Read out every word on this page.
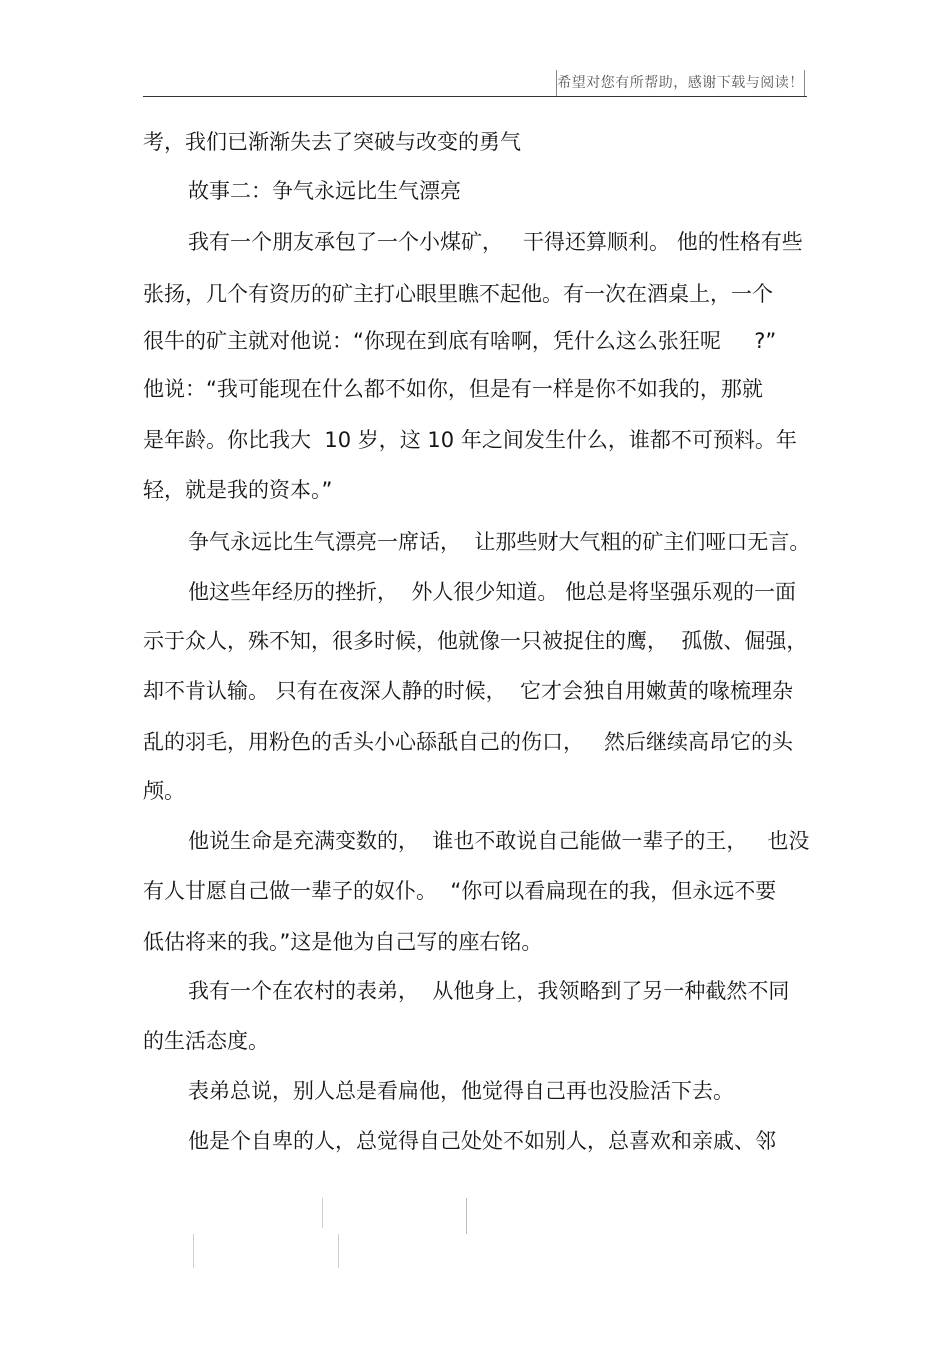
希望对您有所帮助，感谢下载与阅读！

考，我们已渐渐失去了突破与改变的勇气

故事二：争气永远比生气漂亮

我有一个朋友承包了一个小煤矿，   干得还算顺利。 他的性格有些

张扬，几个有资历的矿主打心眼里瞧不起他。有一次在酒桌上，一个

很牛的矿主就对他说：“你现在到底有啥啊，凭什么这么张狂呢     ?”

他说：“我可能现在什么都不如你，但是有一样是你不如我的，那就

是年龄。你比我大  10 岁，这 10 年之间发生什么，谁都不可预料。年

轻，就是我的资本。”

争气永远比生气漂亮一席话，  让那些财大气粗的矿主们哑口无言。

他这些年经历的挫折，  外人很少知道。 他总是将坚强乐观的一面

示于众人，殊不知，很多时候，他就像一只被捉住的鹰，  孤傲、倔强，

却不肯认输。 只有在夜深人静的时候，  它才会独自用嫩黄的喙梳理杂

乱的羽毛，用粉色的舌头小心舔舐自己的伤口，   然后继续高昂它的头

颅。

他说生命是充满变数的，  谁也不敢说自己能做一辈子的王，   也没

有人甘愿自己做一辈子的奴仆。  “你可以看扁现在的我，但永远不要

低估将来的我。”这是他为自己写的座右铭。

我有一个在农村的表弟，  从他身上，我领略到了另一种截然不同

的生活态度。

表弟总说，别人总是看扁他，他觉得自己再也没脸活下去。

他是个自卑的人，总觉得自己处处不如别人，总喜欢和亲戚、邻
